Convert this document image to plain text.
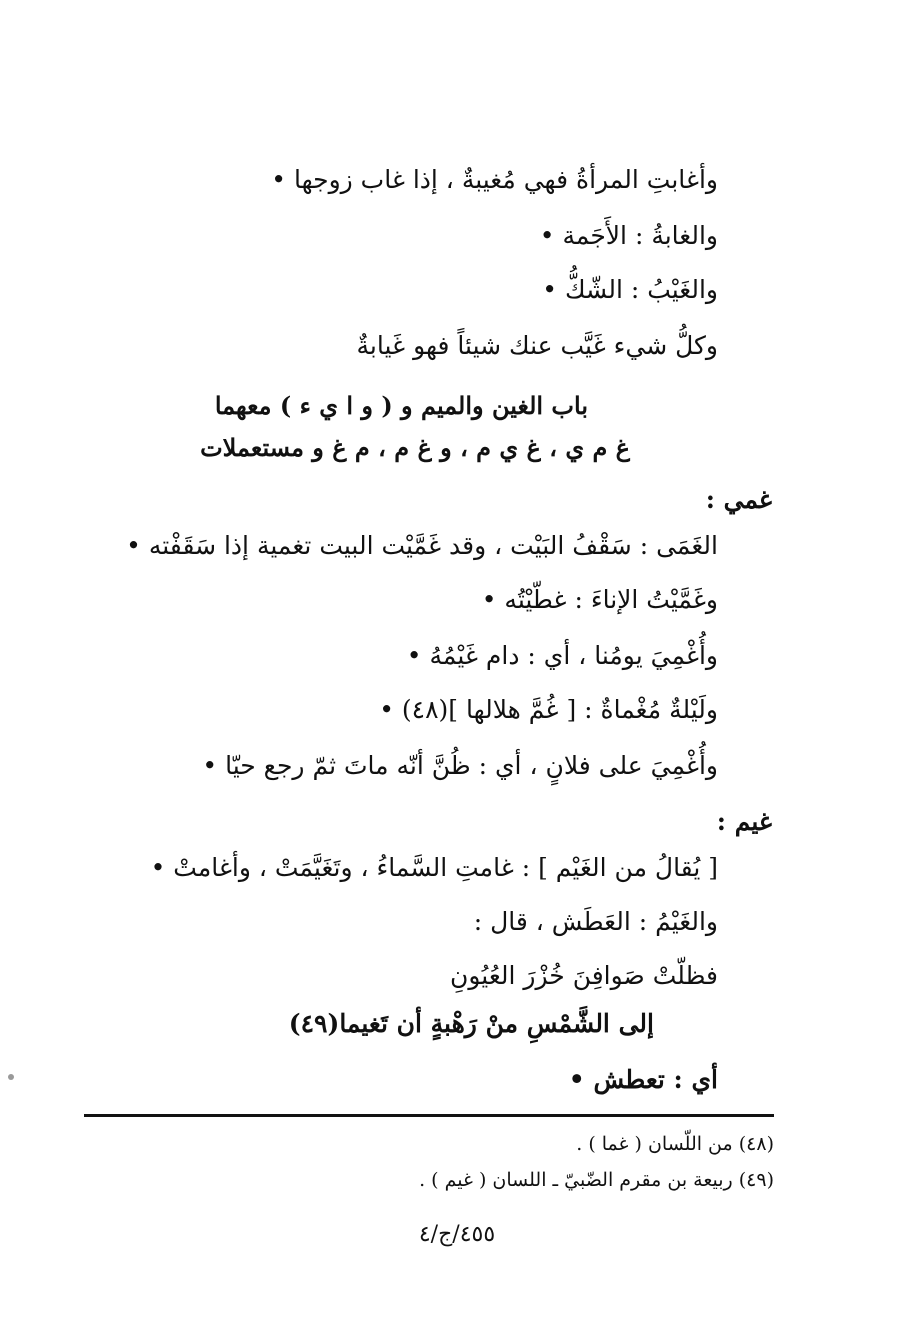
وأغابتِ المرأةُ فهي مُغيبةٌ ، إذا غاب زوجها •
والغابةُ : الأَجَمة •
والغَيْبُ : الشّكُّ •
وكلُّ شيء غَيَّب عنك شيئاً فهو غَيابةٌ
باب الغين والميم و ( و ا ي ء ) معهما
غ م ي ، غ ي م ، و غ م ، م غ و مستعملات
غمي :
الغَمَى : سَقْفُ البَيْت ، وقد غَمَّيْت البيت تغمية إذا سَقَفْته •
وغَمَّيْتُ الإناءَ : غطّيْتُه •
وأُغْمِيَ يومُنا ، أي : دام غَيْمُهُ •
ولَيْلةٌ مُغْماةٌ : [ غُمَّ هلالها ](٤٨) •
وأُغْمِيَ على فلانٍ ، أي : ظُنَّ أنّه ماتَ ثمّ رجع حيّا •
غيم :
[ يُقالُ من الغَيْم ] : غامتِ السَّماءُ ، وتَغَيَّمَتْ ، وأغامتْ •
والغَيْمُ : العَطَش ، قال :
فظلّتْ صَوافِنَ خُزْرَ العُيُونِ
إلى الشَّمْسِ منْ رَهْبةٍ أن تَغيما(٤٩)
أي : تعطش •
(٤٨) من اللّسان ( غما ) .
(٤٩) ربيعة بن مقرم الضّبيّ ـ اللسان ( غيم ) .
٤٥٥/ج/٤
